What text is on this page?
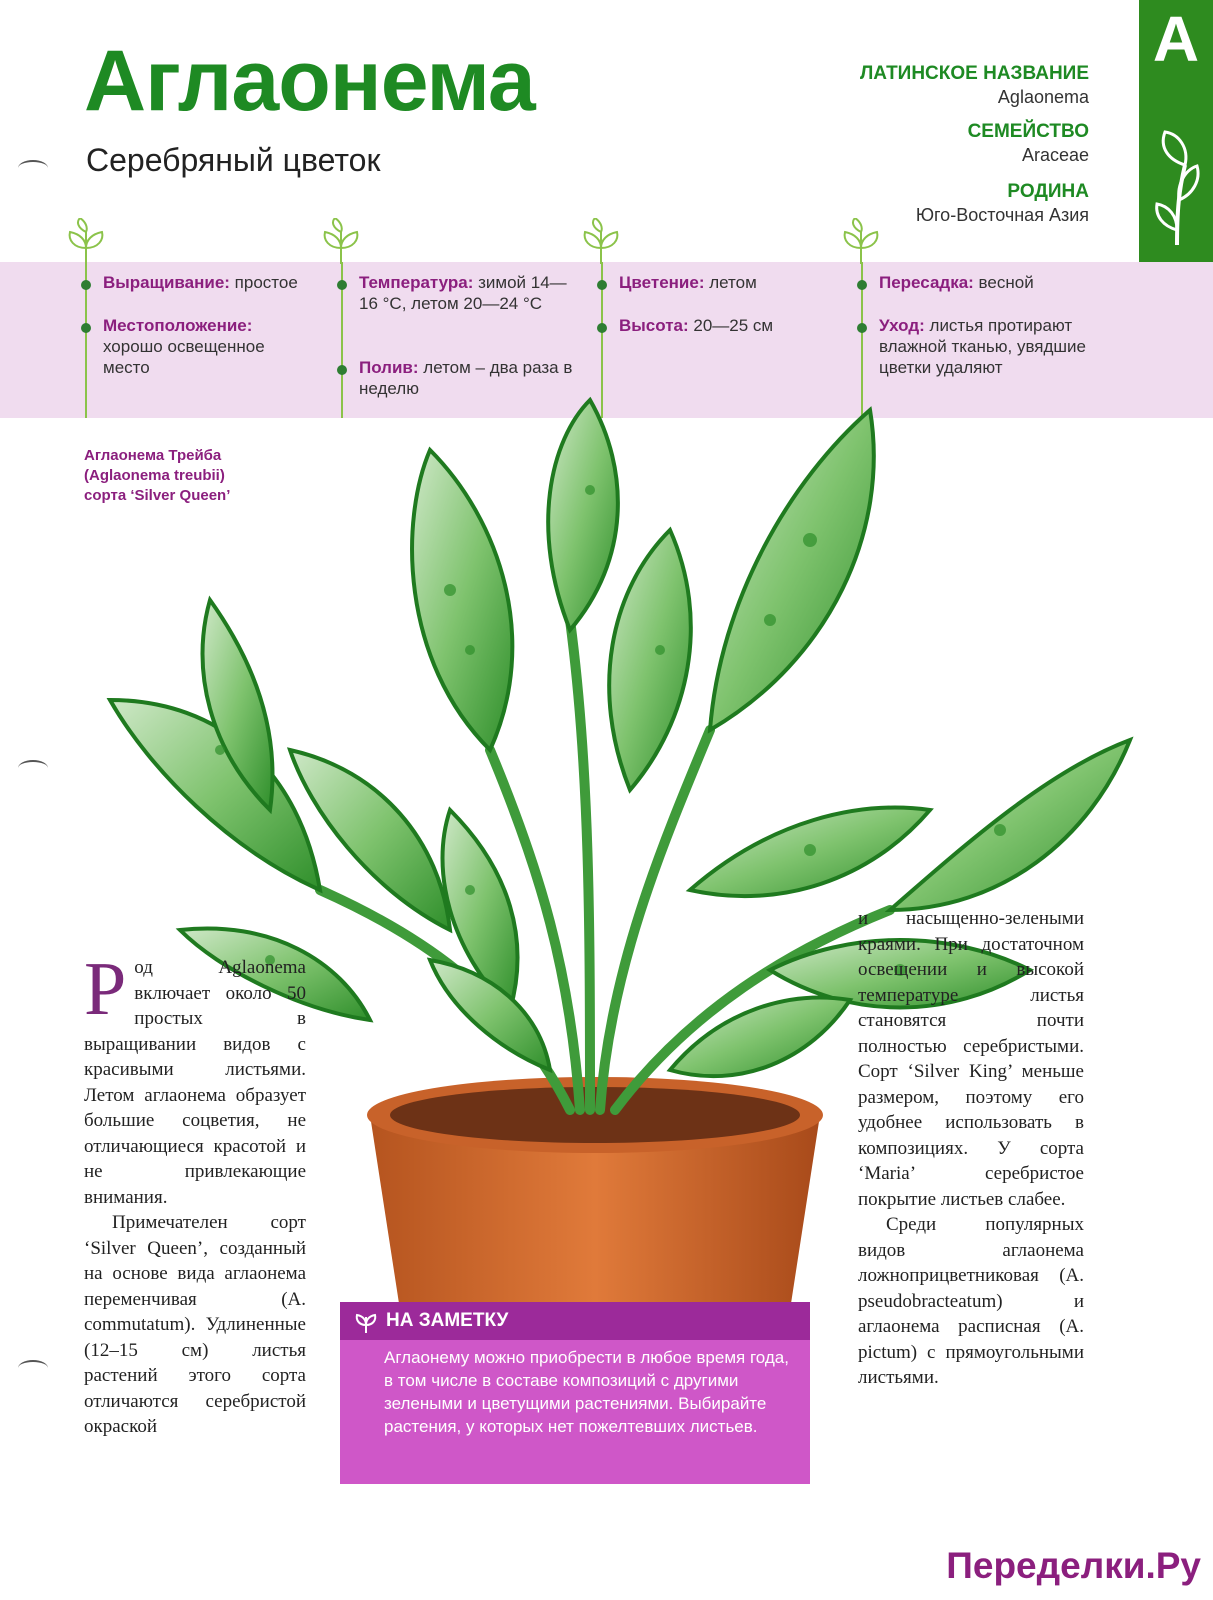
Аглаонема
Серебряный цветок
ЛАТИНСКОЕ НАЗВАНИЕ
Aglaonema
СЕМЕЙСТВО
Araceae
РОДИНА
Юго-Восточная Азия
А
Выращивание: простое
Местоположение: хорошо освещенное место
Температура: зимой 14—16 °С, летом 20—24 °С
Полив: летом – два раза в неделю
Цветение: летом
Высота: 20—25 см
Пересадка: весной
Уход: листья протирают влажной тканью, увядшие цветки удаляют
Аглаонема Трейба
(Aglaonema treubii)
сорта ‘Silver Queen’
Р од Aglaonema включает около 50 простых в выращивании видов с красивыми листьями. Летом аглаонема образует большие соцветия, не отличающиеся красотой и не привлекающие внимания.
Примечателен сорт ‘Silver Queen’, созданный на основе вида аглаонема переменчивая (A. commutatum). Удлиненные (12–15 см) листья растений этого сорта отличаются серебристой окраской
и насыщенно-зелеными краями. При достаточном освещении и высокой температуре листья становятся почти полностью серебристыми. Сорт ‘Silver King’ меньше размером, поэтому его удобнее использовать в композициях. У сорта ‘Maria’ серебристое покрытие листьев слабее.
Среди популярных видов аглаонема ложноприцветниковая (A. pseudobracteatum) и аглаонема расписная (A. pictum) с прямоугольными листьями.
НА ЗАМЕТКУ
Аглаонему можно приобрести в любое время года, в том числе в составе композиций с другими зелеными и цветущими растениями. Выбирайте растения, у которых нет пожелтевших листьев.
Переделки.Ру
